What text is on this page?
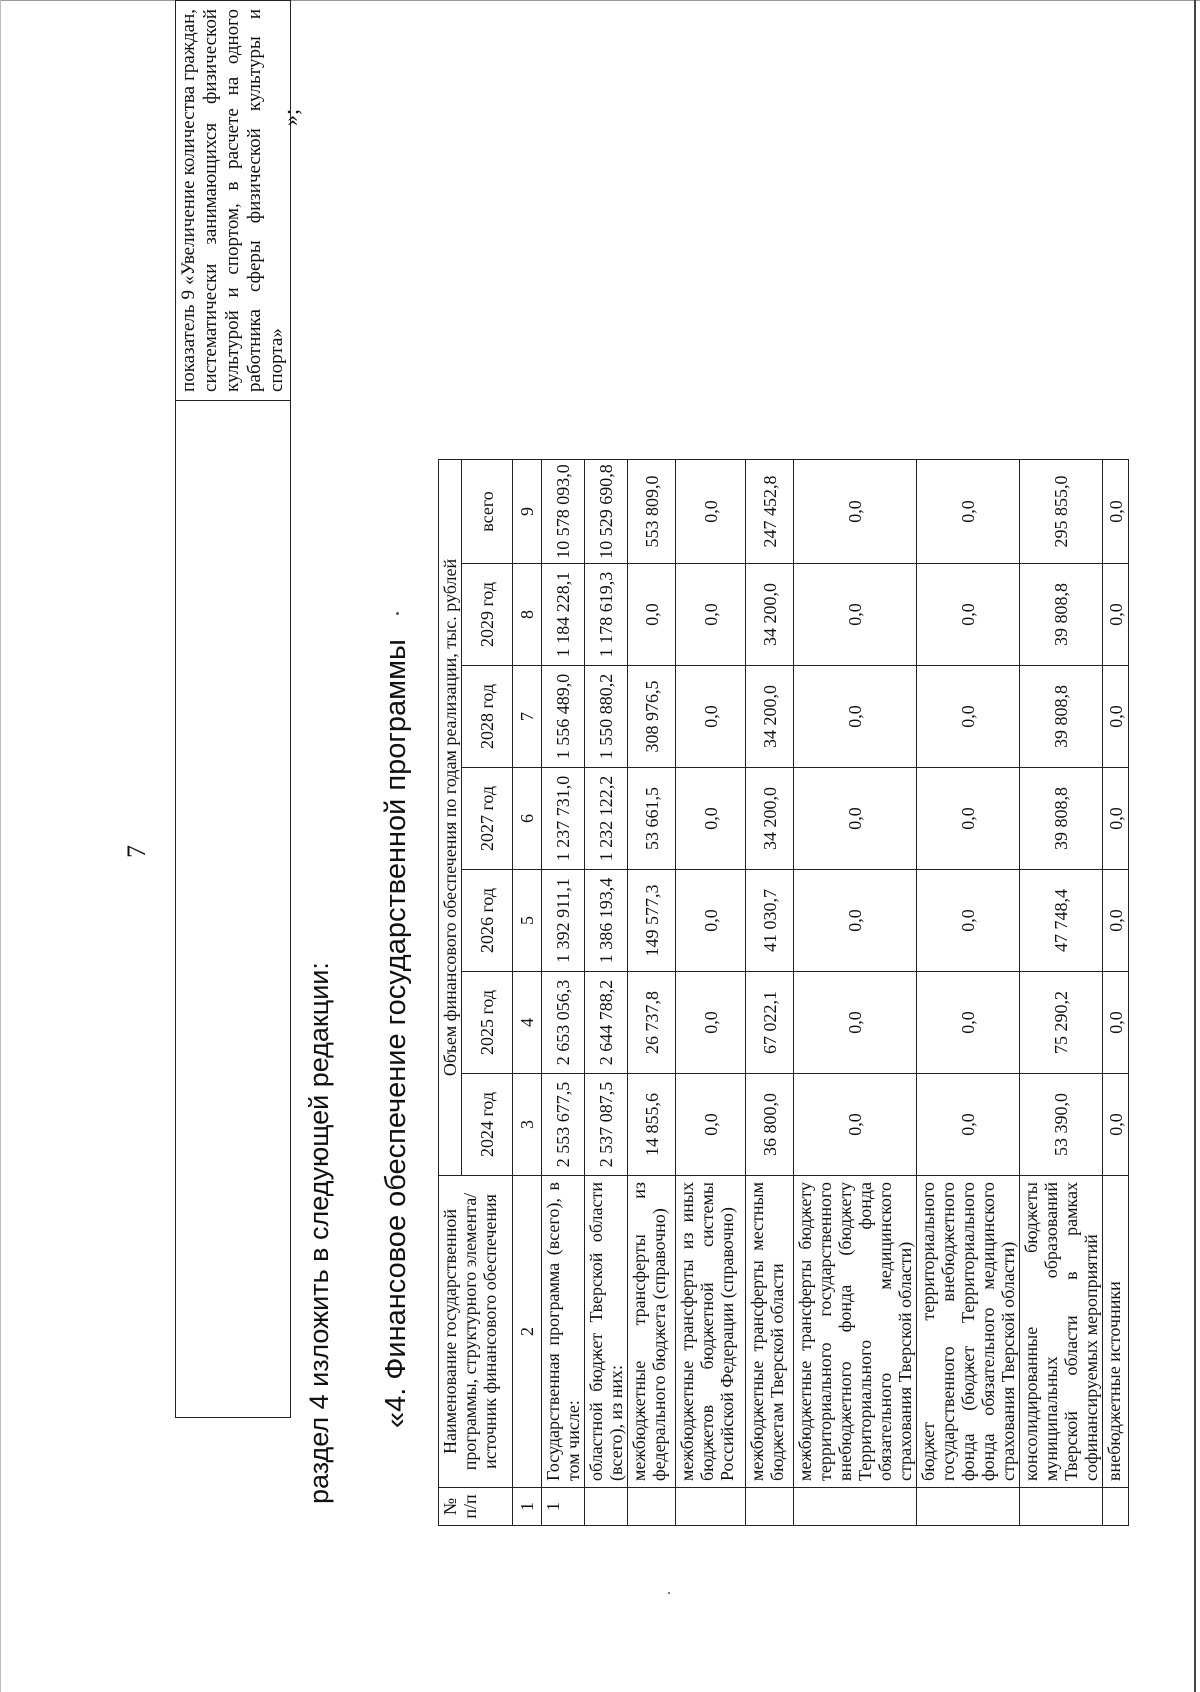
7
	показатель 9 «Увеличение количества граждан, систематически занимающихся физической культурой и спортом, в расчете на одного работника сферы физической культуры и спорта»
»;
раздел 4 изложить в следующей редакции: «4. Финансовое обеспечение государственной программы
№ п/п	Наименование государственной программы, структурного элемента/источник финансового обеспечения	Объем финансового обеспечения по годам реализации, тыс. рублей						
		2024 год	2025 год	2026 год	2027 год	2028 год	2029 год	всего
1	2	3	4	5	6	7	8	9
1	Государственная программа (всего), в том числе:	2 553 677,5	2 653 056,3	1 392 911,1	1 237 731,0	1 556 489,0	1 184 228,1	10 578 093,0
	областной бюджет Тверской области (всего), из них:	2 537 087,5	2 644 788,2	1 386 193,4	1 232 122,2	1 550 880,2	1 178 619,3	10 529 690,8
	межбюджетные трансферты из федерального бюджета (справочно)	14 855,6	26 737,8	149 577,3	53 661,5	308 976,5	0,0	553 809,0
	межбюджетные трансферты из иных бюджетов бюджетной системы Российской Федерации (справочно)	0,0	0,0	0,0	0,0	0,0	0,0	0,0
	межбюджетные трансферты местным бюджетам Тверской области	36 800,0	67 022,1	41 030,7	34 200,0	34 200,0	34 200,0	247 452,8
	межбюджетные трансферты бюджету территориального государственного внебюджетного фонда (бюджету Территориального фонда обязательного медицинского страхования Тверской области)	0,0	0,0	0,0	0,0	0,0	0,0	0,0
	бюджет территориального государственного внебюджетного фонда (бюджет Территориального фонда обязательного медицинского страхования Тверской области)	0,0	0,0	0,0	0,0	0,0	0,0	0,0
	консолидированные бюджеты муниципальных образований Тверской области в рамках софинансируемых мероприятий	53 390,0	75 290,2	47 748,4	39 808,8	39 808,8	39 808,8	295 855,0
	внебюджетные источники	0,0	0,0	0,0	0,0	0,0	0,0	0,0
